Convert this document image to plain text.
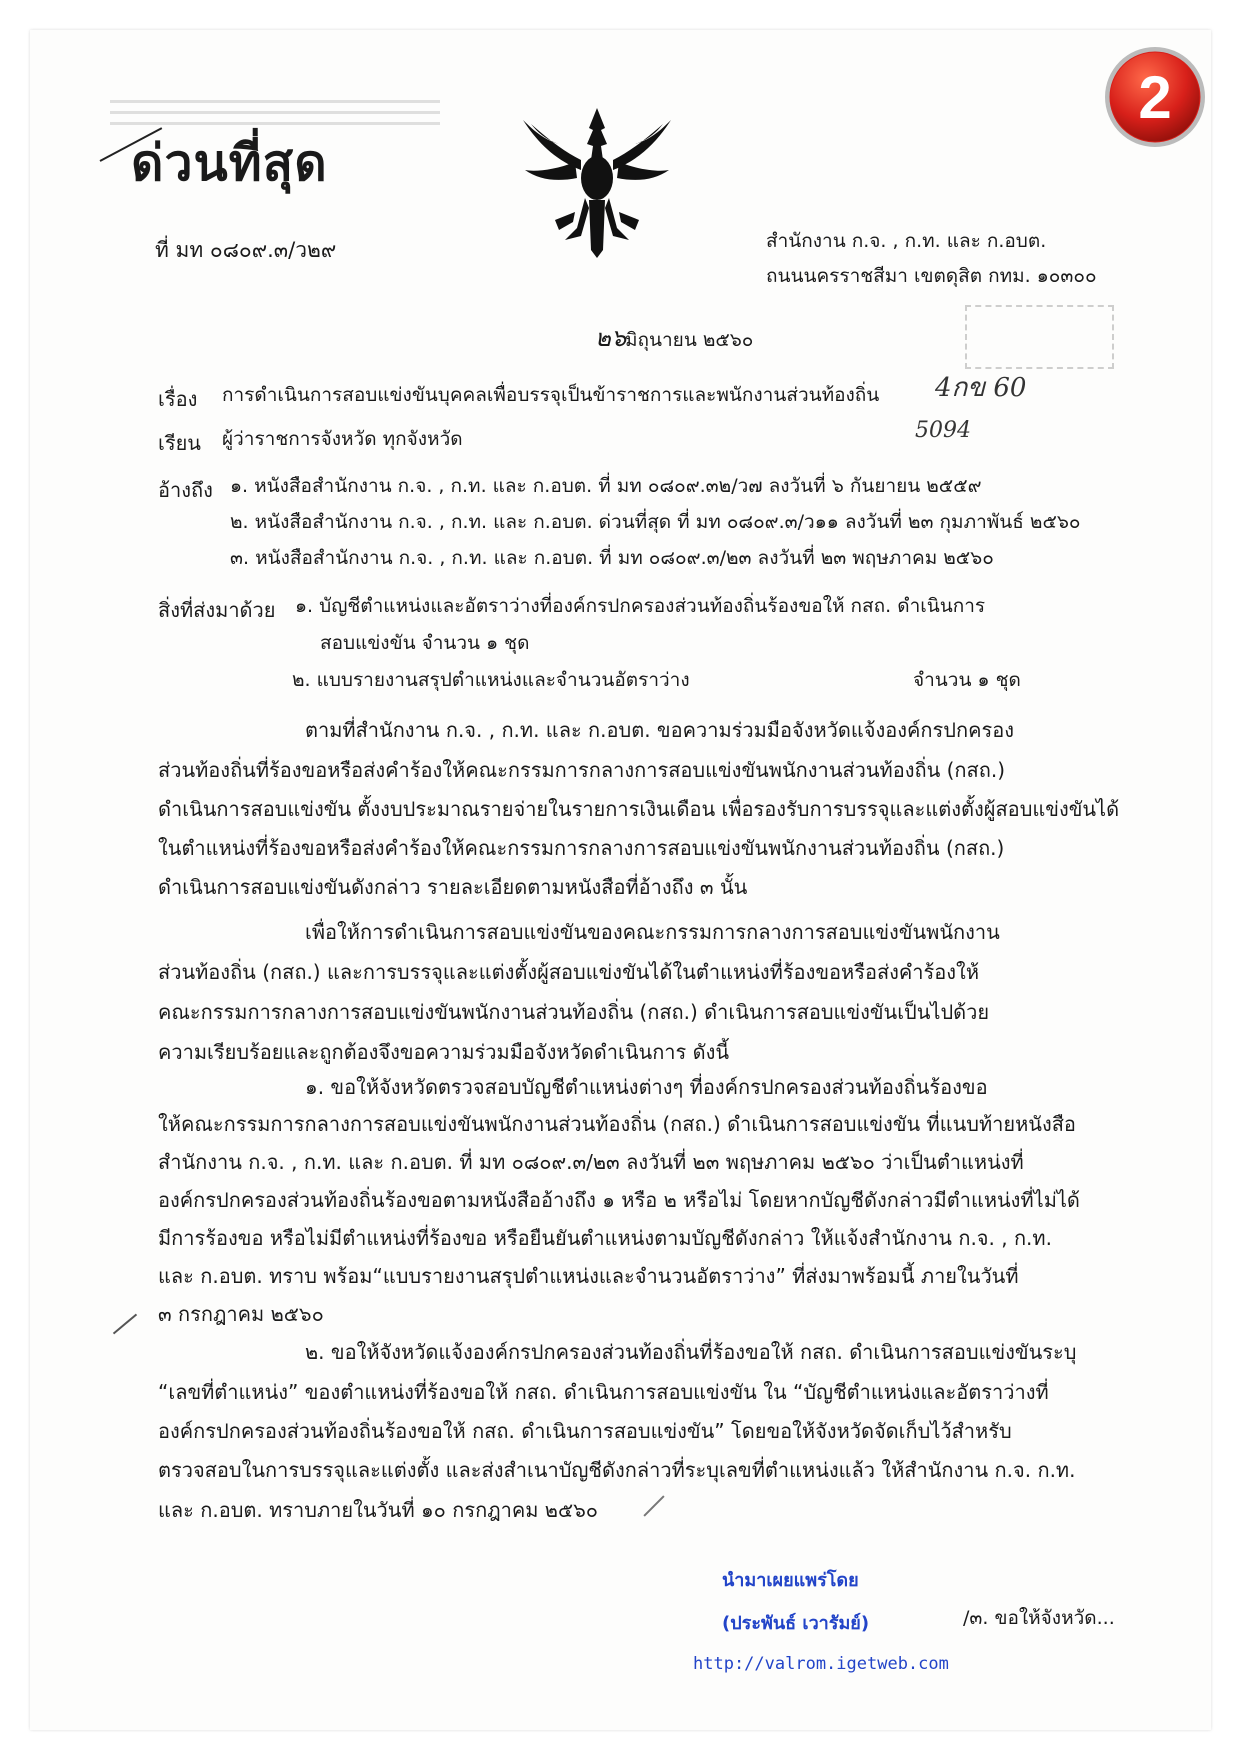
ด่วนที่สุด
ที่ มท ๐๘๐๙.๓/ว๒๙	สำนักงาน ก.จ. , ก.ท. และ ก.อบต.
ถนนนครราชสีมา เขตดุสิต กทม. ๑๐๓๐๐
๒๖
มิถุนายน ๒๕๖๐
เรื่อง การดำเนินการสอบแข่งขันบุคคลเพื่อบรรจุเป็นข้าราชการและพนักงานส่วนท้องถิ่น 4กข 60
เรียน ผู้ว่าราชการจังหวัด ทุกจังหวัด	5094
อ้างถึง ๑. หนังสือสำนักงาน ก.จ. , ก.ท. และ ก.อบต. ที่ มท ๐๘๐๙.๓๒/ว๗ ลงวันที่ ๖ กันยายน ๒๕๕๙
๒. หนังสือสำนักงาน ก.จ. , ก.ท. และ ก.อบต. ด่วนที่สุด ที่ มท ๐๘๐๙.๓/ว๑๑ ลงวันที่ ๒๓ กุมภาพันธ์ ๒๕๖๐
๓. หนังสือสำนักงาน ก.จ. , ก.ท. และ ก.อบต. ที่ มท ๐๘๐๙.๓/๒๓ ลงวันที่ ๒๓ พฤษภาคม ๒๕๖๐
สิ่งที่ส่งมาด้วย ๑. บัญชีตำแหน่งและอัตราว่างที่องค์กรปกครองส่วนท้องถิ่นร้องขอให้ กสถ. ดำเนินการ
สอบแข่งขัน จำนวน ๑ ชุด
๒. แบบรายงานสรุปตำแหน่งและจำนวนอัตราว่าง	จำนวน ๑ ชุด
ตามที่สำนักงาน ก.จ. , ก.ท. และ ก.อบต. ขอความร่วมมือจังหวัดแจ้งองค์กรปกครอง
ส่วนท้องถิ่นที่ร้องขอหรือส่งคำร้องให้คณะกรรมการกลางการสอบแข่งขันพนักงานส่วนท้องถิ่น (กสถ.)
ดำเนินการสอบแข่งขัน ตั้งงบประมาณรายจ่ายในรายการเงินเดือน เพื่อรองรับการบรรจุและแต่งตั้งผู้สอบแข่งขันได้
ในตำแหน่งที่ร้องขอหรือส่งคำร้องให้คณะกรรมการกลางการสอบแข่งขันพนักงานส่วนท้องถิ่น (กสถ.)
ดำเนินการสอบแข่งขันดังกล่าว รายละเอียดตามหนังสือที่อ้างถึง ๓ นั้น
เพื่อให้การดำเนินการสอบแข่งขันของคณะกรรมการกลางการสอบแข่งขันพนักงาน
ส่วนท้องถิ่น (กสถ.) และการบรรจุและแต่งตั้งผู้สอบแข่งขันได้ในตำแหน่งที่ร้องขอหรือส่งคำร้องให้
คณะกรรมการกลางการสอบแข่งขันพนักงานส่วนท้องถิ่น (กสถ.) ดำเนินการสอบแข่งขันเป็นไปด้วย
ความเรียบร้อยและถูกต้องจึงขอความร่วมมือจังหวัดดำเนินการ ดังนี้
๑. ขอให้จังหวัดตรวจสอบบัญชีตำแหน่งต่างๆ ที่องค์กรปกครองส่วนท้องถิ่นร้องขอ
ให้คณะกรรมการกลางการสอบแข่งขันพนักงานส่วนท้องถิ่น (กสถ.) ดำเนินการสอบแข่งขัน ที่แนบท้ายหนังสือ
สำนักงาน ก.จ. , ก.ท. และ ก.อบต. ที่ มท ๐๘๐๙.๓/๒๓ ลงวันที่ ๒๓ พฤษภาคม ๒๕๖๐ ว่าเป็นตำแหน่งที่
องค์กรปกครองส่วนท้องถิ่นร้องขอตามหนังสืออ้างถึง ๑ หรือ ๒ หรือไม่ โดยหากบัญชีดังกล่าวมีตำแหน่งที่ไม่ได้
มีการร้องขอ หรือไม่มีตำแหน่งที่ร้องขอ หรือยืนยันตำแหน่งตามบัญชีดังกล่าว ให้แจ้งสำนักงาน ก.จ. , ก.ท.
และ ก.อบต. ทราบ พร้อม“แบบรายงานสรุปตำแหน่งและจำนวนอัตราว่าง” ที่ส่งมาพร้อมนี้ ภายในวันที่
๓ กรกฎาคม ๒๕๖๐
๒. ขอให้จังหวัดแจ้งองค์กรปกครองส่วนท้องถิ่นที่ร้องขอให้ กสถ. ดำเนินการสอบแข่งขันระบุ
“เลขที่ตำแหน่ง” ของตำแหน่งที่ร้องขอให้ กสถ. ดำเนินการสอบแข่งขัน ใน “บัญชีตำแหน่งและอัตราว่างที่
องค์กรปกครองส่วนท้องถิ่นร้องขอให้ กสถ. ดำเนินการสอบแข่งขัน” โดยขอให้จังหวัดจัดเก็บไว้สำหรับ
ตรวจสอบในการบรรจุและแต่งตั้ง และส่งสำเนาบัญชีดังกล่าวที่ระบุเลขที่ตำแหน่งแล้ว ให้สำนักงาน ก.จ. ก.ท.
และ ก.อบต. ทราบภายในวันที่ ๑๐ กรกฎาคม ๒๕๖๐
นำมาเผยแพร่โดย
(ประพันธ์ เวารัมย์)
http://valrom.igetweb.com
/๓. ขอให้จังหวัด...
2
